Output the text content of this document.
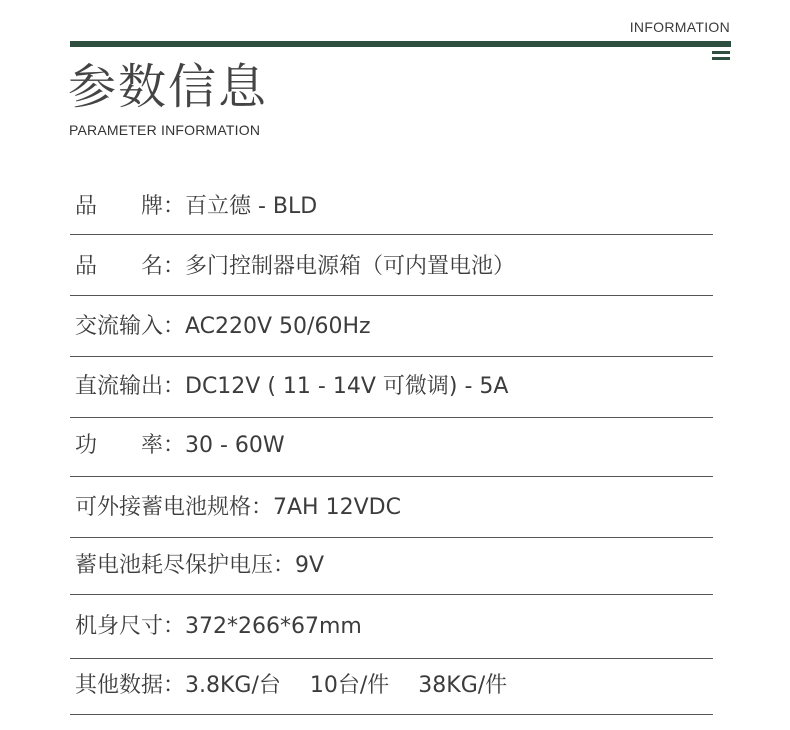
INFORMATION
参数信息
PARAMETER INFORMATION
品　　牌：百立德 - BLD
品　　名：多门控制器电源箱（可内置电池）
交流输入：AC220V 50/60Hz
直流输出：DC12V ( 11 - 14V 可微调) - 5A
功　　率：30 - 60W
可外接蓄电池规格：7AH 12VDC
蓄电池耗尽保护电压：9V
机身尺寸：372*266*67mm
其他数据：3.8KG/台　 10台/件　 38KG/件
